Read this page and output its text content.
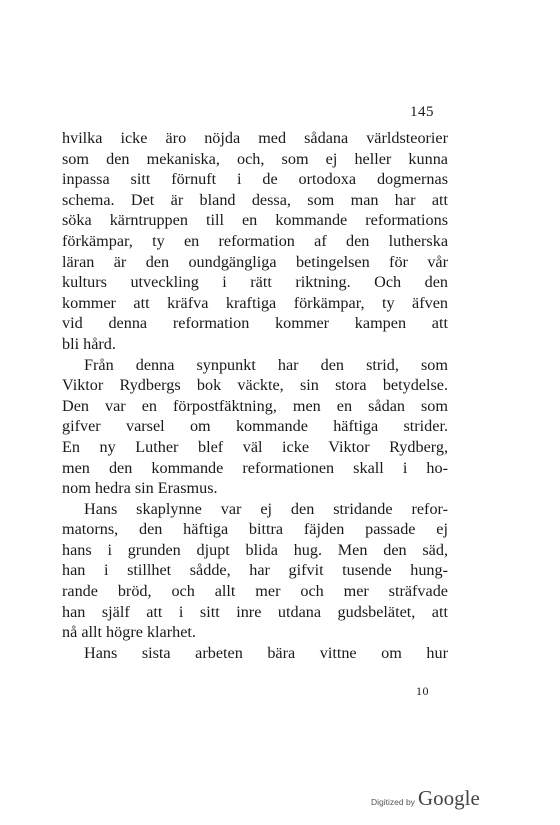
145
hvilka icke äro nöjda med sådana världsteorier
som den mekaniska, och, som ej heller kunna
inpassa sitt förnuft i de ortodoxa dogmernas
schema. Det är bland dessa, som man har att
söka kärntruppen till en kommande reformations
förkämpar, ty en reformation af den lutherska
läran är den oundgängliga betingelsen för vår
kulturs utveckling i rätt riktning. Och den
kommer att kräfva kraftiga förkämpar, ty äfven
vid denna reformation kommer kampen att
bli hård.
Från denna synpunkt har den strid, som
Viktor Rydbergs bok väckte, sin stora betydelse.
Den var en förpostfäktning, men en sådan som
gifver varsel om kommande häftiga strider.
En ny Luther blef väl icke Viktor Rydberg,
men den kommande reformationen skall i ho-
nom hedra sin Erasmus.
Hans skaplynne var ej den stridande refor-
matorns, den häftiga bittra fäjden passade ej
hans i grunden djupt blida hug. Men den säd,
han i stillhet sådde, har gifvit tusende hung-
rande bröd, och allt mer och mer sträfvade
han själf att i sitt inre utdana gudsbelätet, att
nå allt högre klarhet.
Hans sista arbeten bära vittne om hur
10
Digitized by Google
